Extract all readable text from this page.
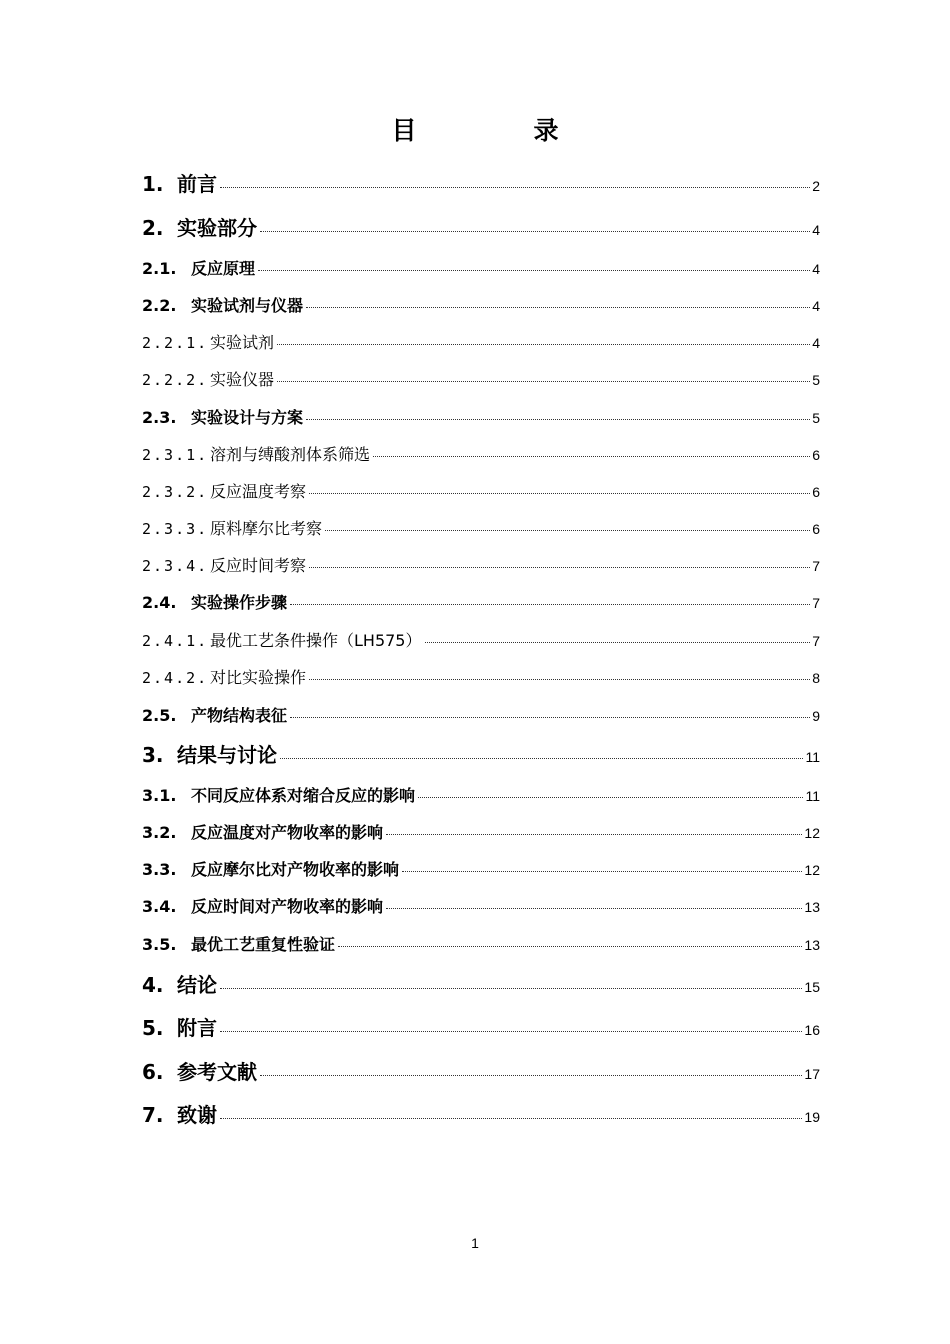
目　录
1. 前言	2
2. 实验部分	4
2.1. 反应原理	4
2.2. 实验试剂与仪器	4
2.2.1. 实验试剂	4
2.2.2. 实验仪器	5
2.3. 实验设计与方案	5
2.3.1. 溶剂与缚酸剂体系筛选	6
2.3.2. 反应温度考察	6
2.3.3. 原料摩尔比考察	6
2.3.4. 反应时间考察	7
2.4. 实验操作步骤	7
2.4.1. 最优工艺条件操作（LH575）	7
2.4.2. 对比实验操作	8
2.5. 产物结构表征	9
3. 结果与讨论	11
3.1. 不同反应体系对缩合反应的影响	11
3.2. 反应温度对产物收率的影响	12
3.3. 反应摩尔比对产物收率的影响	12
3.4. 反应时间对产物收率的影响	13
3.5. 最优工艺重复性验证	13
4. 结论	15
5. 附言	16
6. 参考文献	17
7. 致谢	19
1
